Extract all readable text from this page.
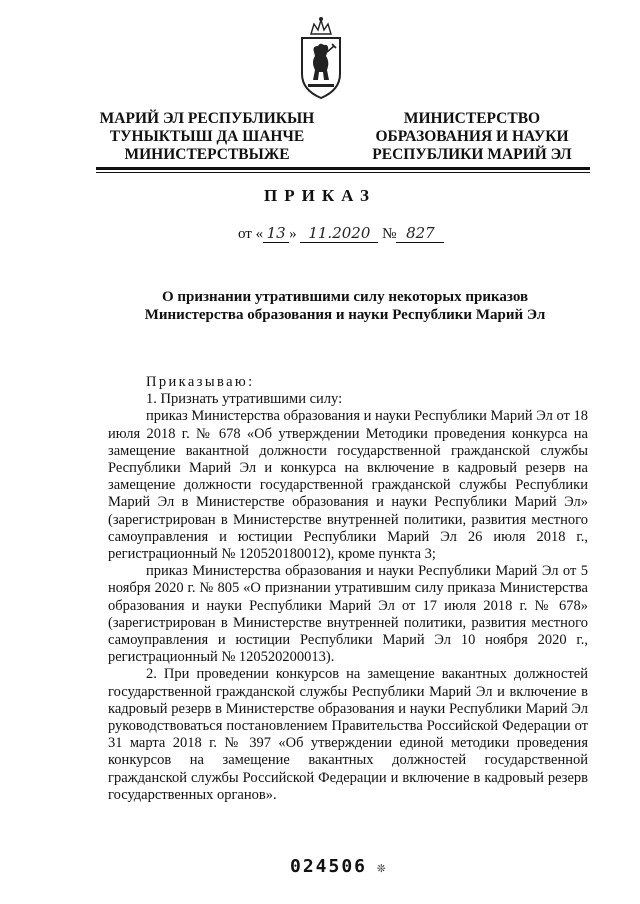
МАРИЙ ЭЛ РЕСПУБЛИКЫН
ТУНЫКТЫШ ДА ШАНЧЕ
МИНИСТЕРСТВЫЖЕ
МИНИСТЕРСТВО
ОБРАЗОВАНИЯ И НАУКИ
РЕСПУБЛИКИ МАРИЙ ЭЛ
ПРИКАЗ
от « 13 » 11.2020 № 827
О признании утратившими силу некоторых приказов
Министерства образования и науки Республики Марий Эл

Приказываю:

1. Признать утратившими силу:

приказ Министерства образования и науки Республики Марий Эл от 18 июля 2018 г. № 678 «Об утверждении Методики проведения конкурса на замещение вакантной должности государственной гражданской службы Республики Марий Эл и конкурса на включение в кадровый резерв на замещение должности государственной гражданской службы Республики Марий Эл в Министерстве образования и науки Республики Марий Эл» (зарегистрирован в Министерстве внутренней политики, развития местного самоуправления и юстиции Республики Марий Эл 26 июля 2018 г., регистрационный № 120520180012), кроме пункта 3;

приказ Министерства образования и науки Республики Марий Эл от 5 ноября 2020 г. № 805 «О признании утратившим силу приказа Министерства образования и науки Республики Марий Эл от 17 июля 2018 г. № 678» (зарегистрирован в Министерстве внутренней политики, развития местного самоуправления и юстиции Республики Марий Эл 10 ноября 2020 г., регистрационный № 120520200013).

2. При проведении конкурсов на замещение вакантных должностей государственной гражданской службы Республики Марий Эл и включение в кадровый резерв в Министерстве образования и науки Республики Марий Эл руководствоваться постановлением Правительства Российской Федерации от 31 марта 2018 г. № 397 «Об утверждении единой методики проведения конкурсов на замещение вакантных должностей государственной гражданской службы Российской Федерации и включение в кадровый резерв государственных органов».

024506 ❊
